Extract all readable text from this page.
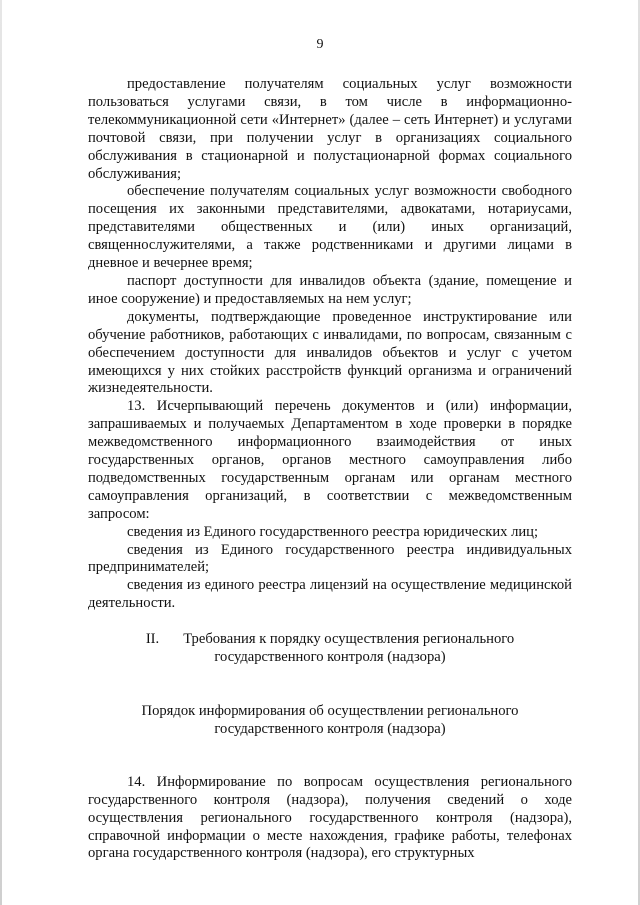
9

предоставление получателям социальных услуг возможности пользоваться услугами связи, в том числе в информационно-телекоммуникационной сети «Интернет» (далее – сеть Интернет) и услугами почтовой связи, при получении услуг в организациях социального обслуживания в стационарной и полустационарной формах социального обслуживания;

обеспечение получателям социальных услуг возможности свободного посещения их законными представителями, адвокатами, нотариусами, представителями общественных и (или) иных организаций, священнослужителями, а также родственниками и другими лицами в дневное и вечернее время;

паспорт доступности для инвалидов объекта (здание, помещение и иное сооружение) и предоставляемых на нем услуг;

документы, подтверждающие проведенное инструктирование или обучение работников, работающих с инвалидами, по вопросам, связанным с обеспечением доступности для инвалидов объектов и услуг с учетом имеющихся у них стойких расстройств функций организма и ограничений жизнедеятельности.

13. Исчерпывающий перечень документов и (или) информации, запрашиваемых и получаемых Департаментом в ходе проверки в порядке межведомственного информационного взаимодействия от иных государственных органов, органов местного самоуправления либо подведомственных государственным органам или органам местного самоуправления организаций, в соответствии с межведомственным запросом:

сведения из Единого государственного реестра юридических лиц;

сведения из Единого государственного реестра индивидуальных предпринимателей;

сведения из единого реестра лицензий на осуществление медицинской деятельности.

II. Требования к порядку осуществления регионального
государственного контроля (надзора)
Порядок информирования об осуществлении регионального
государственного контроля (надзора)

14. Информирование по вопросам осуществления регионального государственного контроля (надзора), получения сведений о ходе осуществления регионального государственного контроля (надзора), справочной информации о месте нахождения, графике работы, телефонах органа государственного контроля (надзора), его структурных
